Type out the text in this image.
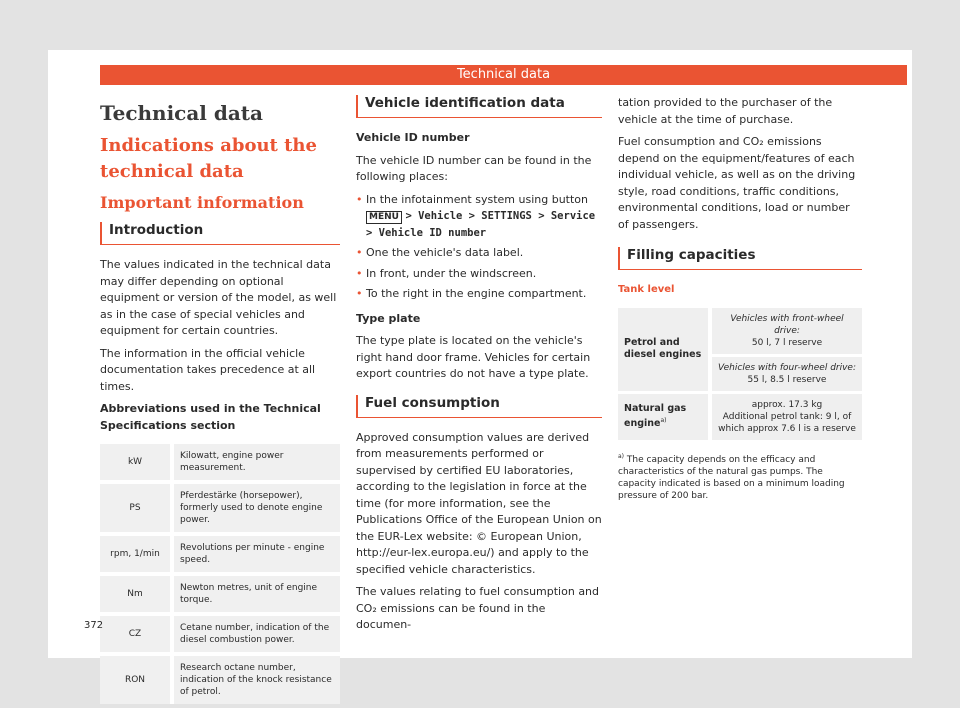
Technical data
Technical data
Indications about the technical data
Important information
Introduction

The values indicated in the technical data may differ depending on optional equipment or version of the model, as well as in the case of special vehicles and equipment for certain countries.

The information in the official vehicle documentation takes precedence at all times.

Abbreviations used in the Technical Specifications section

kW	Kilowatt, engine power measurement.
PS	Pferdestärke (horsepower), formerly used to denote engine power.
rpm, 1/min	Revolutions per minute - engine speed.
Nm	Newton metres, unit of engine torque.
CZ	Cetane number, indication of the diesel combustion power.
RON	Research octane number, indication of the knock resistance of petrol.
Vehicle identification data

Vehicle ID number

The vehicle ID number can be found in the following places:

• In the infotainment system using button MENU > Vehicle > SETTINGS > Service > Vehicle ID number
• One the vehicle's data label.
• In front, under the windscreen.
• To the right in the engine compartment.

Type plate

The type plate is located on the vehicle's right hand door frame. Vehicles for certain export countries do not have a type plate.

Fuel consumption

Approved consumption values are derived from measurements performed or supervised by certified EU laboratories, according to the legislation in force at the time (for more information, see the Publications Office of the European Union on the EUR-Lex website: © European Union, http://eur-lex.europa.eu/) and apply to the specified vehicle characteristics.

The values relating to fuel consumption and CO₂ emissions can be found in the documen-

tation provided to the purchaser of the vehicle at the time of purchase.

Fuel consumption and CO₂ emissions depend on the equipment/features of each individual vehicle, as well as on the driving style, road conditions, traffic conditions, environmental conditions, load or number of passengers.

Filling capacities

Tank level

Petrol and diesel engines	Vehicles with front-wheel drive:
50 l, 7 l reserve

	Vehicles with four-wheel drive:
55 l, 8.5 l reserve

Natural gas engine$^{a)}$	approx. 17.3 kg
Additional petrol tank: 9 l, of which approx 7.6 l is a reserve
$^{a)}$ The capacity depends on the efficacy and characteristics of the natural gas pumps. The capacity indicated is based on a minimum loading pressure of 200 bar.
372
